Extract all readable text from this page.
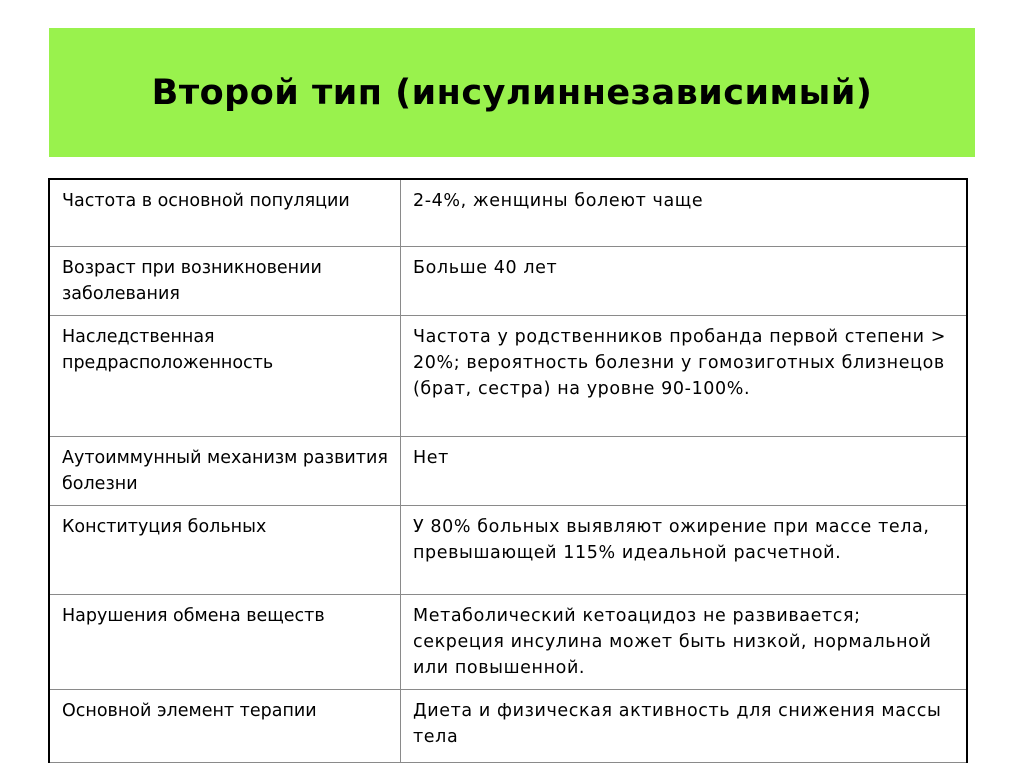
Второй тип (инсулиннезависимый)
Частота в основной популяции	2-4%, женщины болеют чаще
Возраст при возникновении заболевания	Больше 40 лет
Наследственная предрасположенность	Частота у родственников пробанда первой степени > 20%; вероятность болезни у гомозиготных близнецов (брат, сестра) на уровне 90-100%.
Аутоиммунный механизм развития болезни	Нет
Конституция больных	У 80% больных выявляют ожирение при массе тела, превышающей 115% идеальной расчетной.
Нарушения обмена веществ	Метаболический кетоацидоз не развивается; секреция инсулина может быть низкой, нормальной или повышенной.
Основной элемент терапии	Диета и физическая активность для снижения массы тела
